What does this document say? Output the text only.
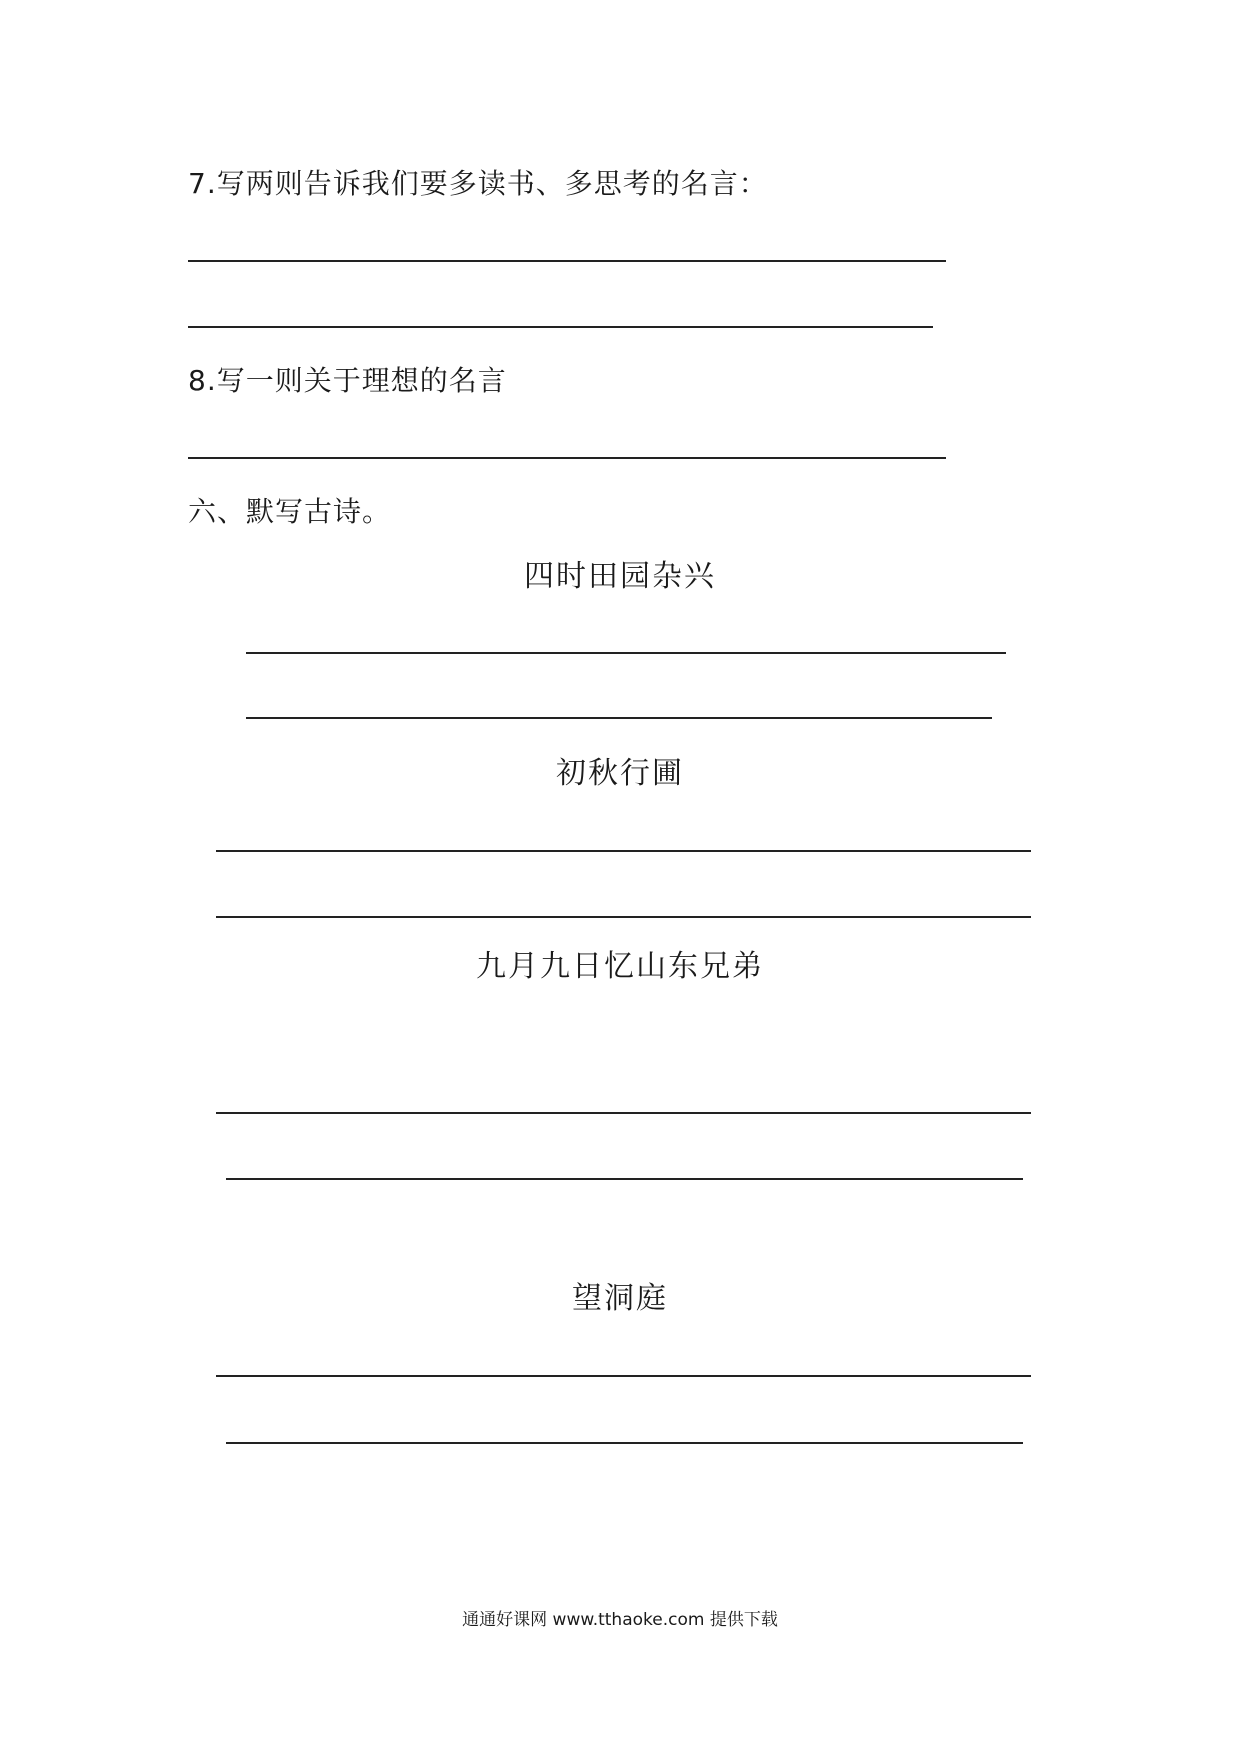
7.写两则告诉我们要多读书、多思考的名言：
8.写一则关于理想的名言
六、默写古诗。
四时田园杂兴
初秋行圃
九月九日忆山东兄弟
望洞庭
通通好课网 www.tthaoke.com 提供下载
